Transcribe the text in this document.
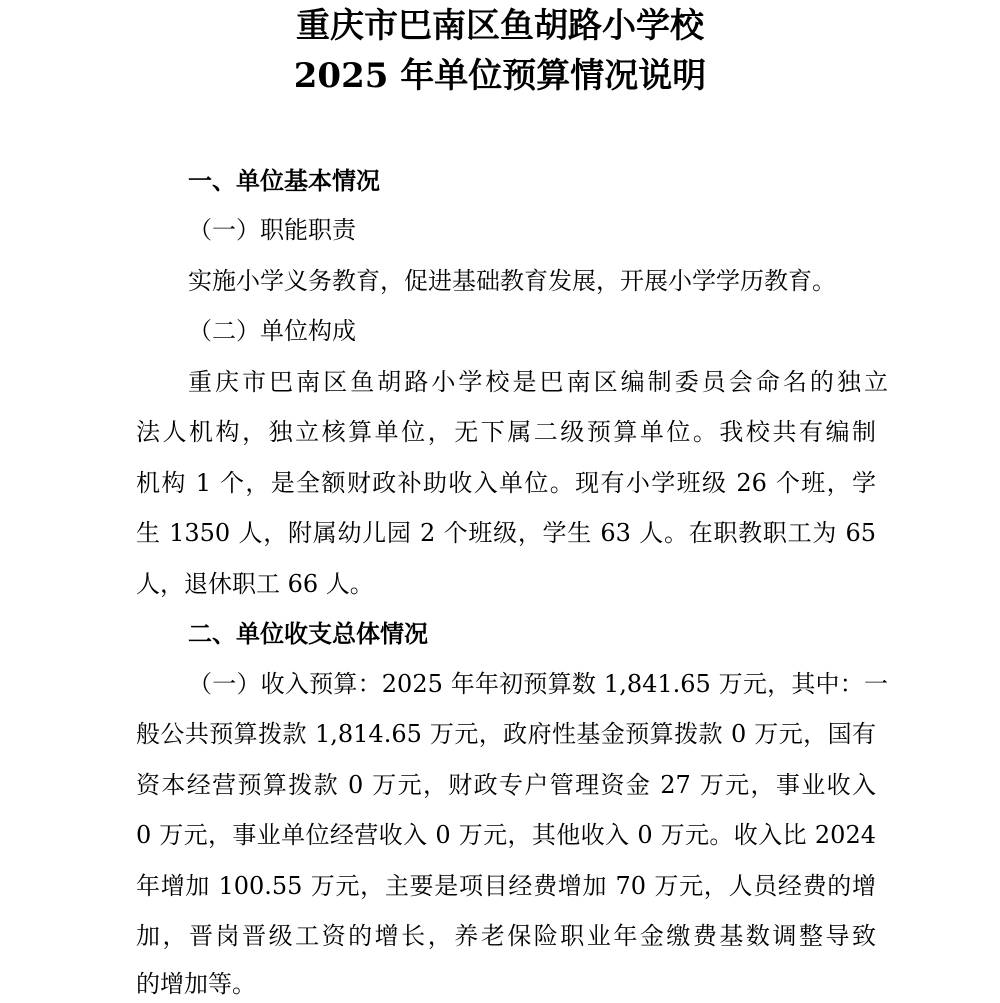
重庆市巴南区鱼胡路小学校
2025 年单位预算情况说明
一、单位基本情况
（一）职能职责
实施小学义务教育，促进基础教育发展，开展小学学历教育。
（二）单位构成
重庆市巴南区鱼胡路小学校是巴南区编制委员会命名的独立
法人机构，独立核算单位，无下属二级预算单位。我校共有编制
机构 1 个，是全额财政补助收入单位。现有小学班级 26 个班，学
生 1350 人，附属幼儿园 2 个班级，学生 63 人。在职教职工为 65
人，退休职工 66 人。
二、单位收支总体情况
（一）收入预算：2025 年年初预算数 1,841.65 万元，其中：一
般公共预算拨款 1,814.65 万元，政府性基金预算拨款 0 万元，国有
资本经营预算拨款 0 万元，财政专户管理资金 27 万元，事业收入
0 万元，事业单位经营收入 0 万元，其他收入 0 万元。收入比 2024
年增加 100.55 万元，主要是项目经费增加 70 万元，人员经费的增
加，晋岗晋级工资的增长，养老保险职业年金缴费基数调整导致
的增加等。
